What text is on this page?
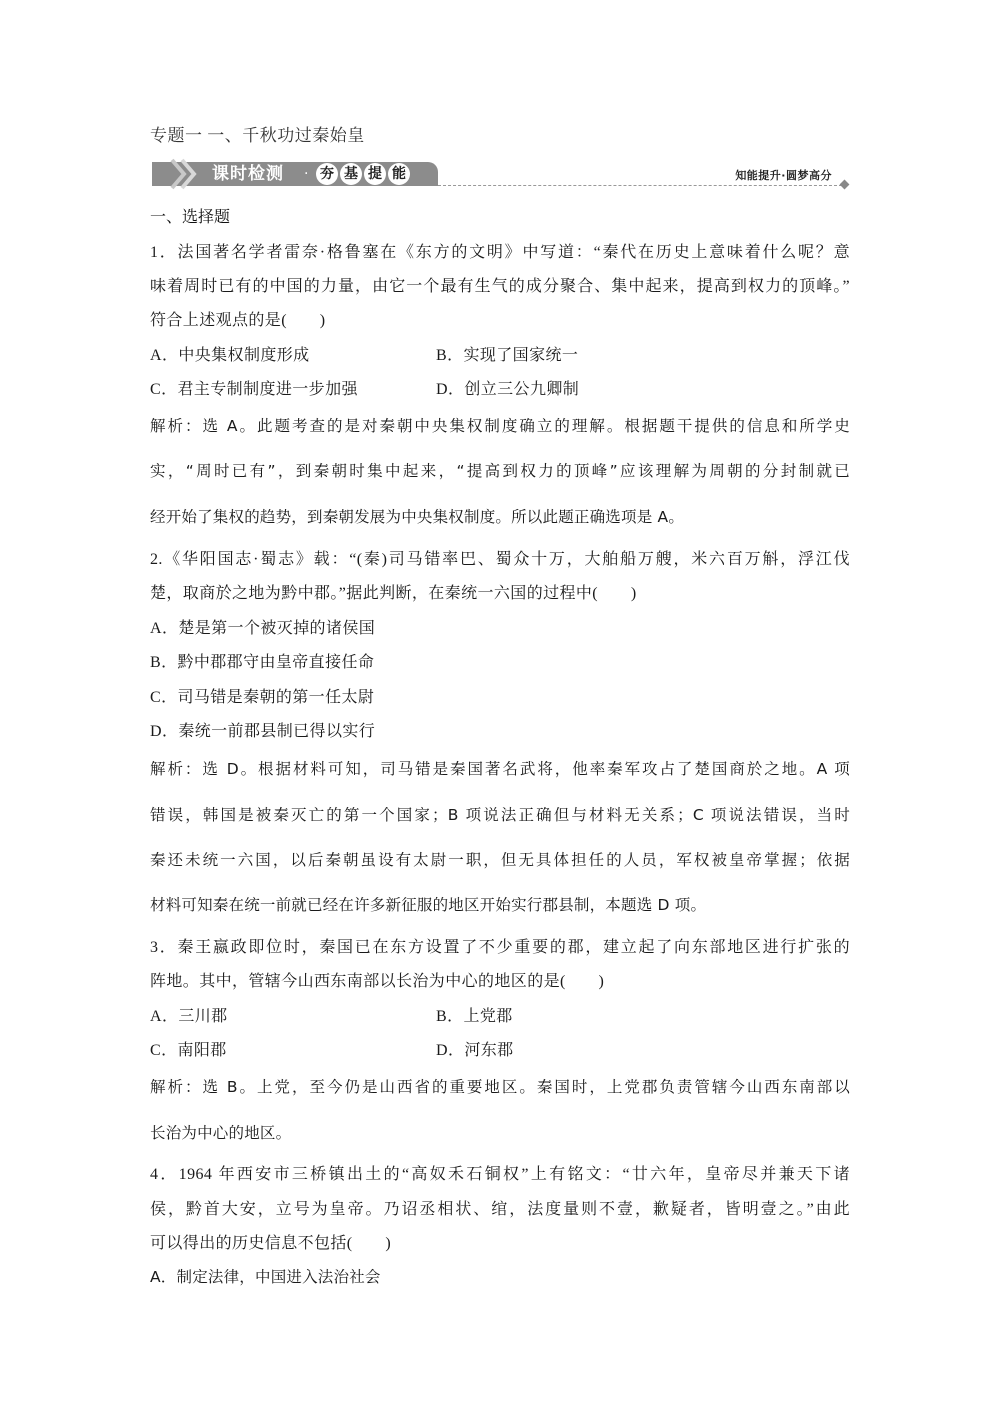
专题一 一、千秋功过秦始皇
课时检测 · 夯 基 提 能	知能提升·圆梦高分
一、选择题
1．法国著名学者雷奈·格鲁塞在《东方的文明》中写道：“秦代在历史上意味着什么呢？意
味着周时已有的中国的力量，由它一个最有生气的成分聚合、集中起来，提高到权力的顶峰。”
符合上述观点的是(　　)
A．中央集权制度形成	B．实现了国家统一
C．君主专制制度进一步加强	D．创立三公九卿制
解析：选 A。此题考查的是对秦朝中央集权制度确立的理解。根据题干提供的信息和所学史
实，“周时已有”，到秦朝时集中起来，“提高到权力的顶峰”应该理解为周朝的分封制就已
经开始了集权的趋势，到秦朝发展为中央集权制度。所以此题正确选项是 A。
2.《华阳国志·蜀志》载：“(秦)司马错率巴、蜀众十万，大舶船万艘，米六百万斛，浮江伐
楚，取商於之地为黔中郡。”据此判断，在秦统一六国的过程中(　　)
A．楚是第一个被灭掉的诸侯国
B．黔中郡郡守由皇帝直接任命
C．司马错是秦朝的第一任太尉
D．秦统一前郡县制已得以实行
解析：选 D。根据材料可知，司马错是秦国著名武将，他率秦军攻占了楚国商於之地。A 项
错误，韩国是被秦灭亡的第一个国家；B 项说法正确但与材料无关系；C 项说法错误，当时
秦还未统一六国，以后秦朝虽设有太尉一职，但无具体担任的人员，军权被皇帝掌握；依据
材料可知秦在统一前就已经在许多新征服的地区开始实行郡县制，本题选 D 项。
3．秦王嬴政即位时，秦国已在东方设置了不少重要的郡，建立起了向东部地区进行扩张的
阵地。其中，管辖今山西东南部以长治为中心的地区的是(　　)
A．三川郡	B．上党郡
C．南阳郡	D．河东郡
解析：选 B。上党，至今仍是山西省的重要地区。秦国时，上党郡负责管辖今山西东南部以
长治为中心的地区。
4．1964 年西安市三桥镇出土的“高奴禾石铜权”上有铭文：“廿六年，皇帝尽并兼天下诸
侯，黔首大安，立号为皇帝。乃诏丞相状、绾，法度量则不壹，歉疑者，皆明壹之。”由此
可以得出的历史信息不包括(　　)
A．制定法律，中国进入法治社会
